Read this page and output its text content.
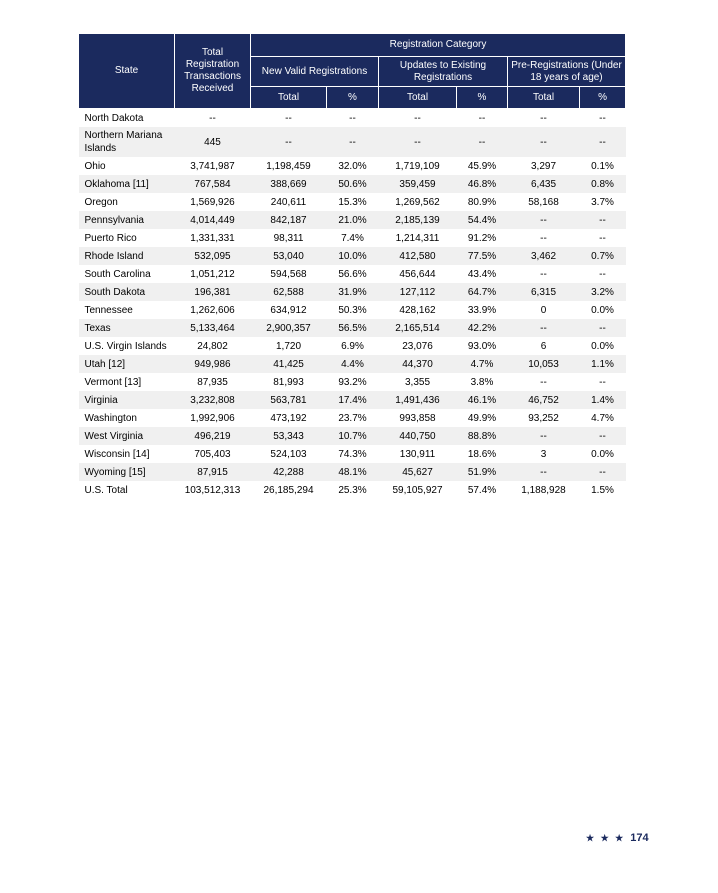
State	Total Registration Transactions Received	Registration Category					
		New Valid Registrations		Updates to Existing Registrations		Pre-Registrations (Under 18 years of age)	
		Total	%	Total	%	Total	%
North Dakota	--	--	--	--	--	--	--
Northern Mariana Islands	445	--	--	--	--	--	--
Ohio	3,741,987	1,198,459	32.0%	1,719,109	45.9%	3,297	0.1%
Oklahoma [11]	767,584	388,669	50.6%	359,459	46.8%	6,435	0.8%
Oregon	1,569,926	240,611	15.3%	1,269,562	80.9%	58,168	3.7%
Pennsylvania	4,014,449	842,187	21.0%	2,185,139	54.4%	--	--
Puerto Rico	1,331,331	98,311	7.4%	1,214,311	91.2%	--	--
Rhode Island	532,095	53,040	10.0%	412,580	77.5%	3,462	0.7%
South Carolina	1,051,212	594,568	56.6%	456,644	43.4%	--	--
South Dakota	196,381	62,588	31.9%	127,112	64.7%	6,315	3.2%
Tennessee	1,262,606	634,912	50.3%	428,162	33.9%	0	0.0%
Texas	5,133,464	2,900,357	56.5%	2,165,514	42.2%	--	--
U.S. Virgin Islands	24,802	1,720	6.9%	23,076	93.0%	6	0.0%
Utah [12]	949,986	41,425	4.4%	44,370	4.7%	10,053	1.1%
Vermont [13]	87,935	81,993	93.2%	3,355	3.8%	--	--
Virginia	3,232,808	563,781	17.4%	1,491,436	46.1%	46,752	1.4%
Washington	1,992,906	473,192	23.7%	993,858	49.9%	93,252	4.7%
West Virginia	496,219	53,343	10.7%	440,750	88.8%	--	--
Wisconsin [14]	705,403	524,103	74.3%	130,911	18.6%	3	0.0%
Wyoming [15]	87,915	42,288	48.1%	45,627	51.9%	--	--
U.S. Total	103,512,313	26,185,294	25.3%	59,105,927	57.4%	1,188,928	1.5%
★ ★ ★ 174
